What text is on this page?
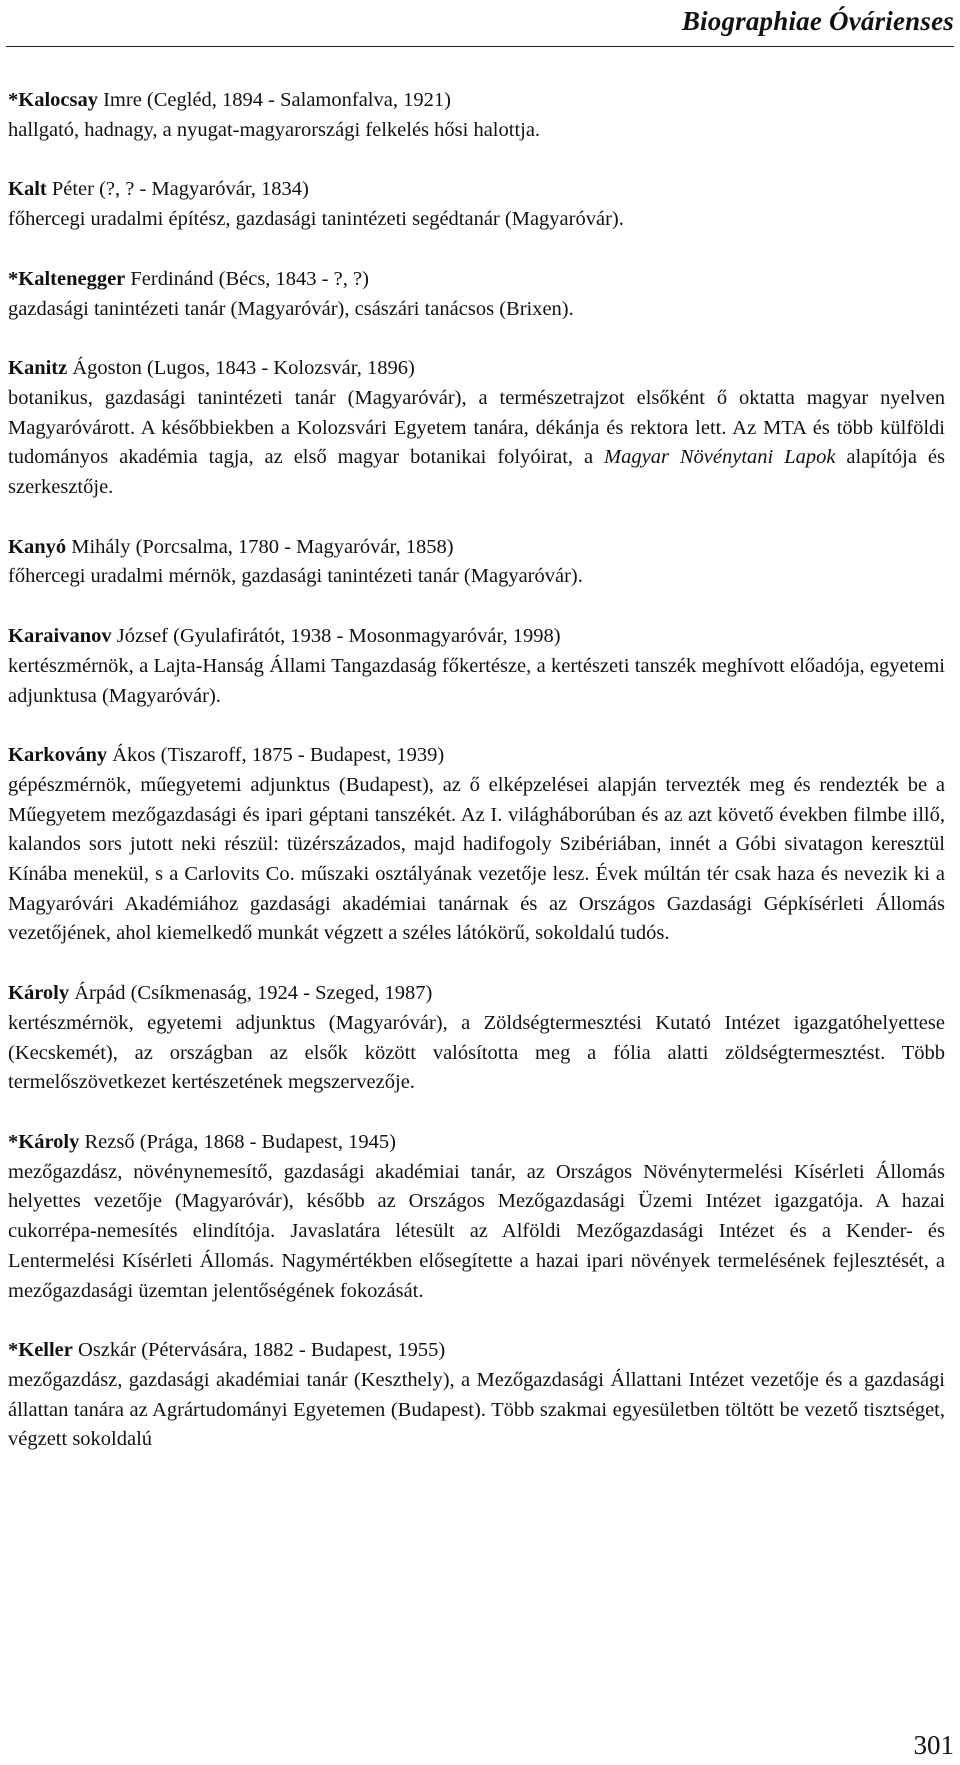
Biographiae Óvárienses
*Kalocsay Imre (Cegléd, 1894 - Salamonfalva, 1921)
hallgató, hadnagy, a nyugat-magyarországi felkelés hősi halottja.
Kalt Péter (?, ? - Magyaróvár, 1834)
főhercegi uradalmi építész, gazdasági tanintézeti segédtanár (Magyaróvár).
*Kaltenegger Ferdinánd (Bécs, 1843 - ?, ?)
gazdasági tanintézeti tanár (Magyaróvár), császári tanácsos (Brixen).
Kanitz Ágoston (Lugos, 1843 - Kolozsvár, 1896)
botanikus, gazdasági tanintézeti tanár (Magyaróvár), a természetrajzot elsőként ő oktatta magyar nyelven Magyaróvárott. A későbbiekben a Kolozsvári Egyetem tanára, dékánja és rektora lett. Az MTA és több külföldi tudományos akadémia tagja, az első magyar botanikai folyóirat, a Magyar Növénytani Lapok alapítója és szerkesztője.
Kanyó Mihály (Porcsalma, 1780 - Magyaróvár, 1858)
főhercegi uradalmi mérnök, gazdasági tanintézeti tanár (Magyaróvár).
Karaivanov József (Gyulafirátót, 1938 - Mosonmagyaróvár, 1998)
kertészmérnök, a Lajta-Hanság Állami Tangazdaság főkertésze, a kertészeti tanszék meghívott előadója, egyetemi adjunktusa (Magyaróvár).
Karkovány Ákos (Tiszaroff, 1875 - Budapest, 1939)
gépészmérnök, műegyetemi adjunktus (Budapest), az ő elképzelései alapján tervezték meg és rendezték be a Műegyetem mezőgazdasági és ipari géptani tanszékét. Az I. világháborúban és az azt követő években filmbe illő, kalandos sors jutott neki részül: tüzérszázados, majd hadifogoly Szibériában, innét a Góbi sivatagon keresztül Kínába menekül, s a Carlovits Co. műszaki osztályának vezetője lesz. Évek múltán tér csak haza és nevezik ki a Magyaróvári Akadémiához gazdasági akadémiai tanárnak és az Országos Gazdasági Gépkísérleti Állomás vezetőjének, ahol kiemelkedő munkát végzett a széles látókörű, sokoldalú tudós.
Károly Árpád (Csíkmenaság, 1924 - Szeged, 1987)
kertészmérnök, egyetemi adjunktus (Magyaróvár), a Zöldségtermesztési Kutató Intézet igazgatóhelyettese (Kecskemét), az országban az elsők között valósította meg a fólia alatti zöldségtermesztést. Több termelőszövetkezet kertészetének megszervezője.
*Károly Rezső (Prága, 1868 - Budapest, 1945)
mezőgazdász, növénynemesítő, gazdasági akadémiai tanár, az Országos Növénytermelési Kísérleti Állomás helyettes vezetője (Magyaróvár), később az Országos Mezőgazdasági Üzemi Intézet igazgatója. A hazai cukorrépa-nemesítés elindítója. Javaslatára létesült az Alföldi Mezőgazdasági Intézet és a Kender- és Lentermelési Kísérleti Állomás. Nagymértékben elősegítette a hazai ipari növények termelésének fejlesztését, a mezőgazdasági üzemtan jelentőségének fokozását.
*Keller Oszkár (Pétervására, 1882 - Budapest, 1955)
mezőgazdász, gazdasági akadémiai tanár (Keszthely), a Mezőgazdasági Állattani Intézet vezetője és a gazdasági állattan tanára az Agrártudományi Egyetemen (Budapest). Több szakmai egyesületben töltött be vezető tisztséget, végzett sokoldalú
301
